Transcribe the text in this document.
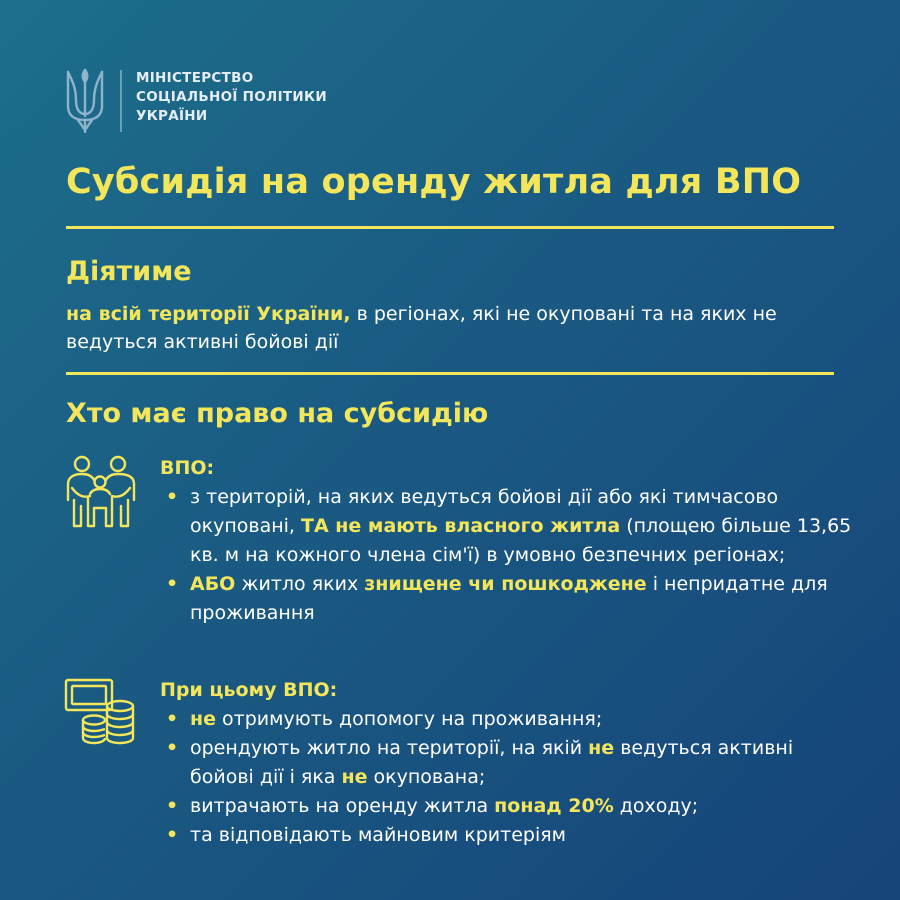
МІНІСТЕРСТВО
СОЦІАЛЬНОЇ ПОЛІТИКИ
УКРАЇНИ
Субсидія на оренду житла для ВПО
Діятиме
на всій території України, в регіонах, які не окуповані та на яких не ведуться активні бойові дії
Хто має право на субсидію
ВПО:
• з територій, на яких ведуться бойові дії або які тимчасово окуповані, ТА не мають власного житла (площею більше 13,65 кв. м на кожного члена сім'ї) в умовно безпечних регіонах;
• АБО житло яких знищене чи пошкоджене і непридатне для проживання
При цьому ВПО:
• не отримують допомогу на проживання;
• орендують житло на території, на якій не ведуться активні бойові дії і яка не окупована;
• витрачають на оренду житла понад 20% доходу;
• та відповідають майновим критеріям
